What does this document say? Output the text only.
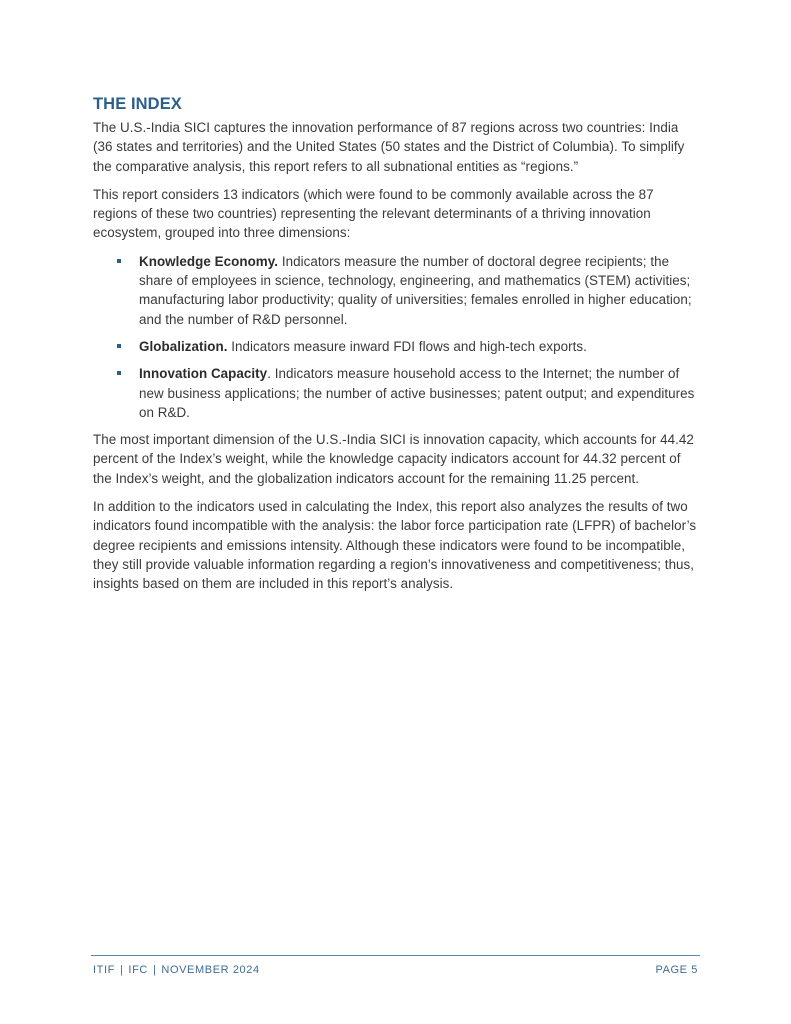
THE INDEX

The U.S.-India SICI captures the innovation performance of 87 regions across two countries: India (36 states and territories) and the United States (50 states and the District of Columbia). To simplify the comparative analysis, this report refers to all subnational entities as “regions.”

This report considers 13 indicators (which were found to be commonly available across the 87 regions of these two countries) representing the relevant determinants of a thriving innovation ecosystem, grouped into three dimensions:

Knowledge Economy. Indicators measure the number of doctoral degree recipients; the share of employees in science, technology, engineering, and mathematics (STEM) activities; manufacturing labor productivity; quality of universities; females enrolled in higher education; and the number of R&D personnel.
Globalization. Indicators measure inward FDI flows and high-tech exports.
Innovation Capacity. Indicators measure household access to the Internet; the number of new business applications; the number of active businesses; patent output; and expenditures on R&D.

The most important dimension of the U.S.-India SICI is innovation capacity, which accounts for 44.42 percent of the Index’s weight, while the knowledge capacity indicators account for 44.32 percent of the Index’s weight, and the globalization indicators account for the remaining 11.25 percent.

In addition to the indicators used in calculating the Index, this report also analyzes the results of two indicators found incompatible with the analysis: the labor force participation rate (LFPR) of bachelor’s degree recipients and emissions intensity. Although these indicators were found to be incompatible, they still provide valuable information regarding a region’s innovativeness and competitiveness; thus, insights based on them are included in this report’s analysis.

ITIF | IFC | NOVEMBER 2024	PAGE 5
